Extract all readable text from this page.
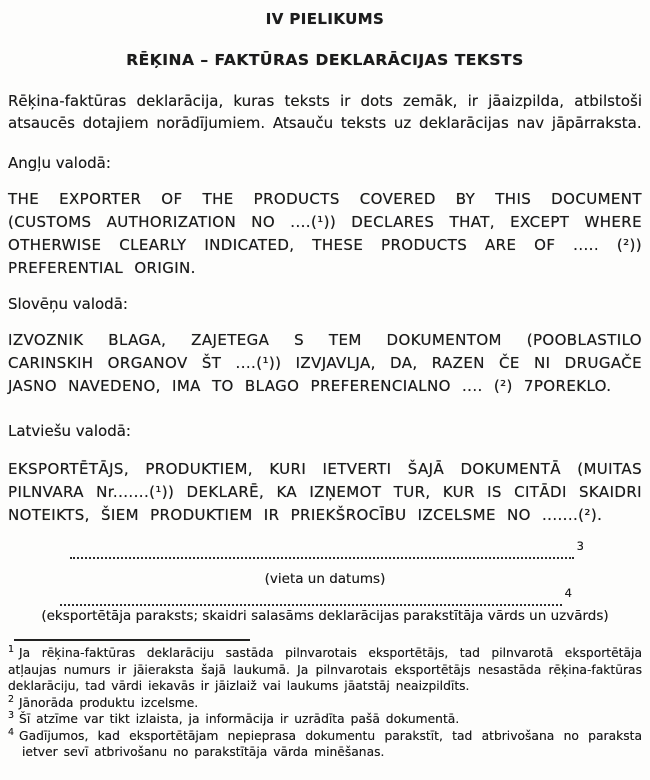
IV PIELIKUMS
RĒĶINA – FAKTŪRAS DEKLARĀCIJAS TEKSTS

Rēķina-faktūras deklarācija, kuras teksts ir dots zemāk, ir jāaizpilda, atbilstoši atsaucēs dotajiem norādījumiem. Atsauču teksts uz deklarācijas nav jāpārraksta.

Angļu valodā:

THE EXPORTER OF THE PRODUCTS COVERED BY THIS DOCUMENT (CUSTOMS AUTHORIZATION NO ....(¹)) DECLARES THAT, EXCEPT WHERE OTHERWISE CLEARLY INDICATED, THESE PRODUCTS ARE OF ..... (²)) PREFERENTIAL ORIGIN.

Slovēņu valodā:

IZVOZNIK BLAGA, ZAJETEGA S TEM DOKUMENTOM (POOBLASTILO CARINSKIH ORGANOV ŠT ....(¹)) IZVJAVLJA, DA, RAZEN ČE NI DRUGAČE JASNO NAVEDENO, IMA TO BLAGO PREFERENCIALNO .... (²) 7POREKLO.

Latviešu valodā:

EKSPORTĒTĀJS, PRODUKTIEM, KURI IETVERTI ŠAJĀ DOKUMENTĀ (MUITAS PILNVARA Nr.......(¹)) DEKLARĒ, KA IZŅEMOT TUR, KUR IS CITĀDI SKAIDRI NOTEIKTS, ŠIEM PRODUKTIEM IR PRIEKŠROCĪBU IZCELSME NO .......(²).

3
(vieta un datums)
4
(eksportētāja paraksts; skaidri salasāms deklarācijas parakstītāja vārds un uzvārds)

$^1$ Ja rēķina-faktūras deklarāciju sastāda pilnvarotais eksportētājs, tad pilnvarotā eksportētāja atļaujas numurs ir jāieraksta šajā laukumā. Ja pilnvarotais eksportētājs nesastāda rēķina-faktūras deklarāciju, tad vārdi iekavās ir jāizlaiž vai laukums jāatstāj neaizpildīts.

$^2$ Jānorāda produktu izcelsme.

$^3$ Šī atzīme var tikt izlaista, ja informācija ir uzrādīta pašā dokumentā.

$^4$ Gadījumos, kad eksportētājam nepieprasa dokumentu parakstīt, tad atbrivošana no paraksta ietver sevī atbrivošanu no parakstītāja vārda minēšanas.
